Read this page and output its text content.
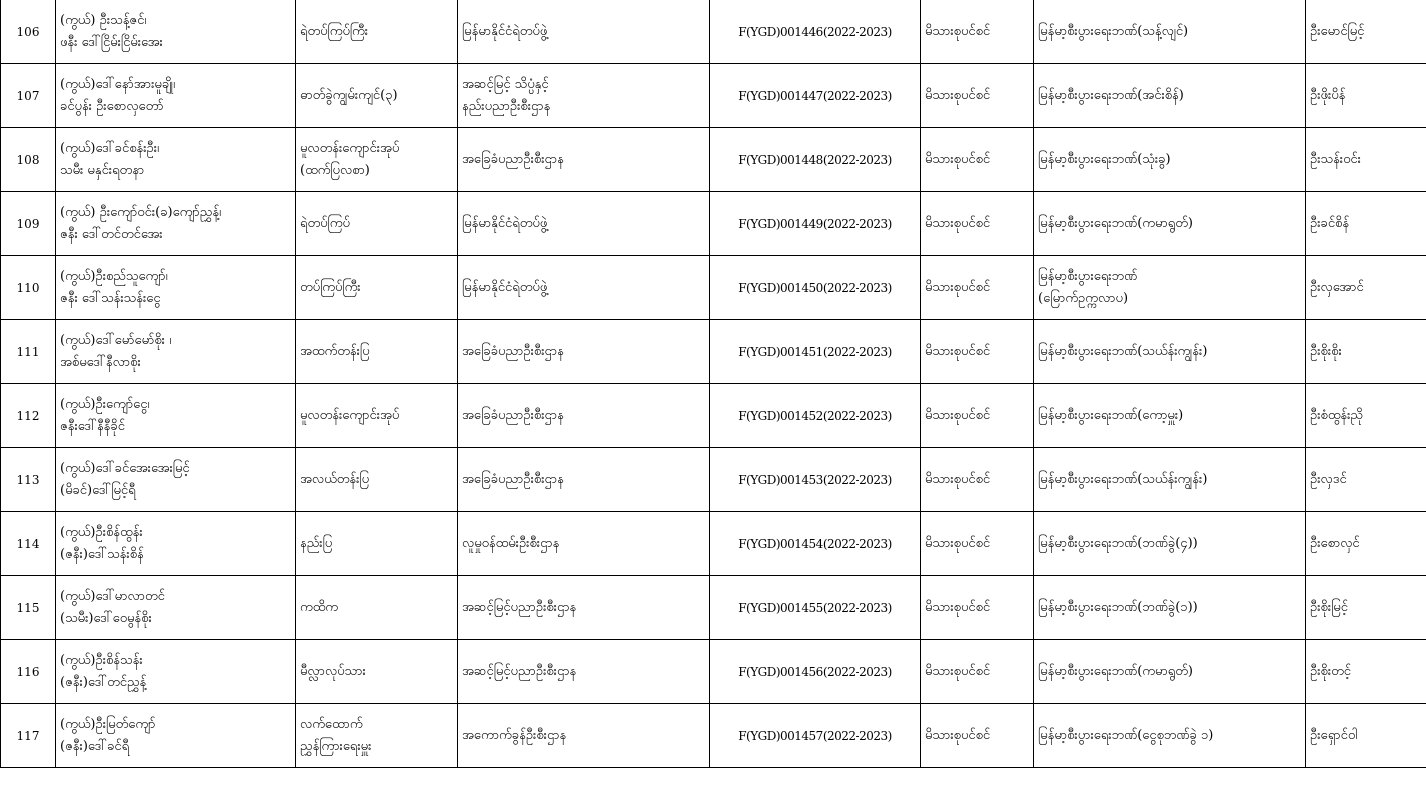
106	(ကွယ်) ဦးသန့်ဇင်၊
ဖနီး ဒေါ်ငြိမ်းငြိမ်းအေး	ရဲတပ်ကြပ်ကြီး	မြန်မာနိုင်ငံရဲတပ်ဖွဲ့	F(YGD)001446(2022-2023)	မိသားစုပင်စင်	မြန်မာ့စီးပွားရေးဘဏ်(သန့်လျင်)	ဦးမောင်မြင့်
107	(ကွယ်)ဒေါ်နော်အားမူချို၊
ခင်ပွန်း ဦးစောလှတော်	ဓာတ်ခွဲကျွမ်းကျင်(၃)	အဆင့်မြင့် သိပ္ပံနှင့်
နည်းပညာဦးစီးဌာန	F(YGD)001447(2022-2023)	မိသားစုပင်စင်	မြန်မာ့စီးပွားရေးဘဏ်(အင်းစိန်)	ဦးဖိုးပိန်
108	(ကွယ်)ဒေါ်ခင်စန်းဦး၊
သမီး မနှင်းရတနာ	မူလတန်းကျောင်းအုပ်
(ထက်ပြလစာ)	အခြေခံပညာဦးစီးဌာန	F(YGD)001448(2022-2023)	မိသားစုပင်စင်	မြန်မာ့စီးပွားရေးဘဏ်(သုံးခွ)	ဦးသန်းဝင်း
109	(ကွယ်) ဦးကျော်ဝင်း(ခ)ကျော်ညွှန့်၊
ဇနီး ဒေါ်တင်တင်အေး	ရဲတပ်ကြပ်	မြန်မာနိုင်ငံရဲတပ်ဖွဲ့	F(YGD)001449(2022-2023)	မိသားစုပင်စင်	မြန်မာ့စီးပွားရေးဘဏ်(ကမာရွတ်)	ဦးခင်စိန်
110	(ကွယ်)ဦးစည်သူကျော်၊
ဇနီး ဒေါ်သန်းသန်းငွေ	တပ်ကြပ်ကြီး	မြန်မာနိုင်ငံရဲတပ်ဖွဲ့	F(YGD)001450(2022-2023)	မိသားစုပင်စင်	မြန်မာ့စီးပွားရေးဘဏ်
(မြောက်ဥက္ကလာပ)	ဦးလှအောင်
111	(ကွယ်)ဒေါ်မော်မော်စိုး ၊
အစ်မဒေါ်နီလာစိုး	အထက်တန်းပြ	အခြေခံပညာဦးစီးဌာန	F(YGD)001451(2022-2023)	မိသားစုပင်စင်	မြန်မာ့စီးပွားရေးဘဏ်(သယ်န်းကျွန်း)	ဦးစိုးစိုး
112	(ကွယ်)ဦးကျော်ငွေ၊
ဇနီးဒေါ်နီနီခိုင်	မူလတန်းကျောင်းအုပ်	အခြေခံပညာဦးစီးဌာန	F(YGD)001452(2022-2023)	မိသားစုပင်စင်	မြန်မာ့စီးပွားရေးဘဏ်(ကော့မှူး)	ဦးစံထွန်းညို
113	(ကွယ်)ဒေါ်ခင်အေးအေးမြင့်
(မိခင်)ဒေါ်မြင့်ရီ	အလယ်တန်းပြ	အခြေခံပညာဦးစီးဌာန	F(YGD)001453(2022-2023)	မိသားစုပင်စင်	မြန်မာ့စီးပွားရေးဘဏ်(သယ်န်းကျွန်း)	ဦးလှဒင်
114	(ကွယ်)ဦးစိန်ထွန်း
(ဇနီး)ဒေါ်သန်းစိန်	နည်းပြ	လူမှုဝန်ထမ်းဦးစီးဌာန	F(YGD)001454(2022-2023)	မိသားစုပင်စင်	မြန်မာ့စီးပွားရေးဘဏ်(ဘဏ်ခွဲ(၄))	ဦးစောလှင်
115	(ကွယ်)ဒေါ်မာလာတင်
(သမီး)ဒေါ်ဝေမွန်စိုး	ကထိက	အဆင့်မြင့်ပညာဦးစီးဌာန	F(YGD)001455(2022-2023)	မိသားစုပင်စင်	မြန်မာ့စီးပွားရေးဘဏ်(ဘဏ်ခွဲ(၁))	ဦးစိုးမြင့်
116	(ကွယ်)ဦးစိန်သန်း
(ဇနီး)ဒေါ်တင်ညွှန့်	မီလ္လာလုပ်သား	အဆင့်မြင့်ပညာဦးစီးဌာန	F(YGD)001456(2022-2023)	မိသားစုပင်စင်	မြန်မာ့စီးပွားရေးဘဏ်(ကမာရွတ်)	ဦးစိုးတင့်
117	(ကွယ်)ဦးမြတ်ကျော်
(ဇနီး)ဒေါ်ခင်ရီ	လက်ထောက်
ညွှန်ကြားရေးမှူး	အကောက်ခွန်ဦးစီးဌာန	F(YGD)001457(2022-2023)	မိသားစုပင်စင်	မြန်မာ့စီးပွားရေးဘဏ်(ငွေစုဘဏ်ခွဲ ၁)	ဦးရှောင်ဝါ
